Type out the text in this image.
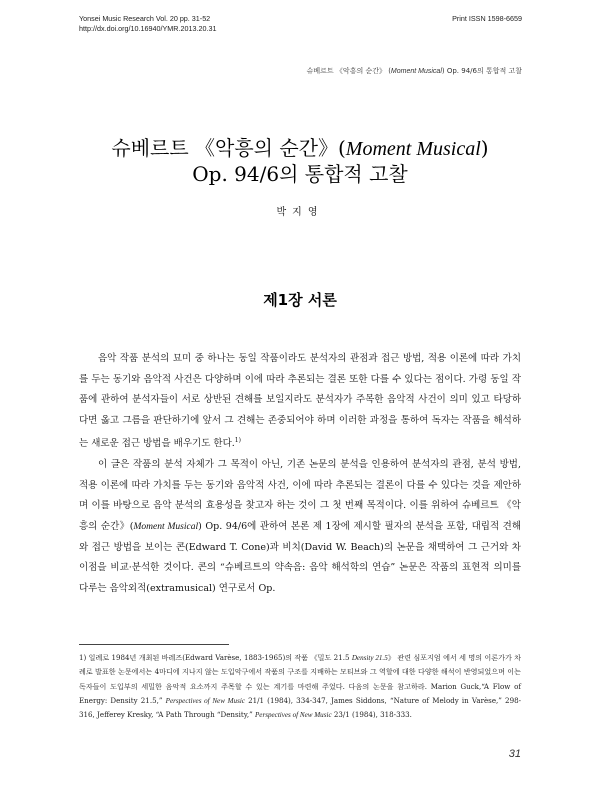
Yonsei Music Research Vol. 20 pp. 31-52
http://dx.doi.org/10.16940/YMR.2013.20.31
Print ISSN 1598-6659
슈베르트 《악흥의 순간》 (Moment Musical) Op. 94/6의 통합적 고찰
슈베르트 《악흥의 순간》(Moment Musical)
Op. 94/6의 통합적 고찰
박지영
제1장 서론

음악 작품 분석의 묘미 중 하나는 동일 작품이라도 분석자의 관점과 접근 방법, 적용 이론에 따라 가치를 두는 동기와 음악적 사건은 다양하며 이에 따라 추론되는 결론 또한 다를 수 있다는 점이다. 가령 동일 작품에 관하여 분석자들이 서로 상반된 견해를 보일지라도 분석자가 주목한 음악적 사건이 의미 있고 타당하다면 옳고 그름을 판단하기에 앞서 그 견해는 존중되어야 하며 이러한 과정을 통하여 독자는 작품을 해석하는 새로운 접근 방법을 배우기도 한다.$^{1)}$

이 글은 작품의 분석 자체가 그 목적이 아닌, 기존 논문의 분석을 인용하여 분석자의 관점, 분석 방법, 적용 이론에 따라 가치를 두는 동기와 음악적 사건, 이에 따라 추론되는 결론이 다를 수 있다는 것을 제안하며 이를 바탕으로 음악 분석의 효용성을 찾고자 하는 것이 그 첫 번째 목적이다. 이를 위하여 슈베르트 《악흥의 순간》(Moment Musical) Op. 94/6에 관하여 본론 제 1장에 제시할 필자의 분석을 포함, 대립적 견해와 접근 방법을 보이는 콘(Edward T. Cone)과 비치(David W. Beach)의 논문을 채택하여 그 근거와 차이점을 비교·분석한 것이다. 콘의 “슈베르트의 약속음: 음악 해석학의 연습” 논문은 작품의 표현적 의미를 다루는 음악외적(extramusical) 연구로서 Op.

1) 일례로 1984년 개최된 바레즈(Edward Varèse, 1883-1965)의 작품 《밀도 21.5 Density 21.5》 관련 심포지엄 에서 세 명의 이론가가 차례로 발표한 논문에서는 4마디에 지나지 않는 도입악구에서 작품의 구조를 지배하는 모티브와 그 역할에 대한 다양한 해석이 반영되었으며 이는 독자들이 도입부의 세밀한 음악적 요소까지 주목할 수 있는 계기를 마련해 주었다. 다음의 논문을 참고하라. Marion Guck,“A Flow of Energy: Density 21.5,” Perspectives of New Music 21/1 (1984), 334-347, James Siddons, “Nature of Melody in Varèse,” 298-316, Jefferey Kresky, “A Path Through “Density,” Perspectives of New Music 23/1 (1984), 318-333.
31
